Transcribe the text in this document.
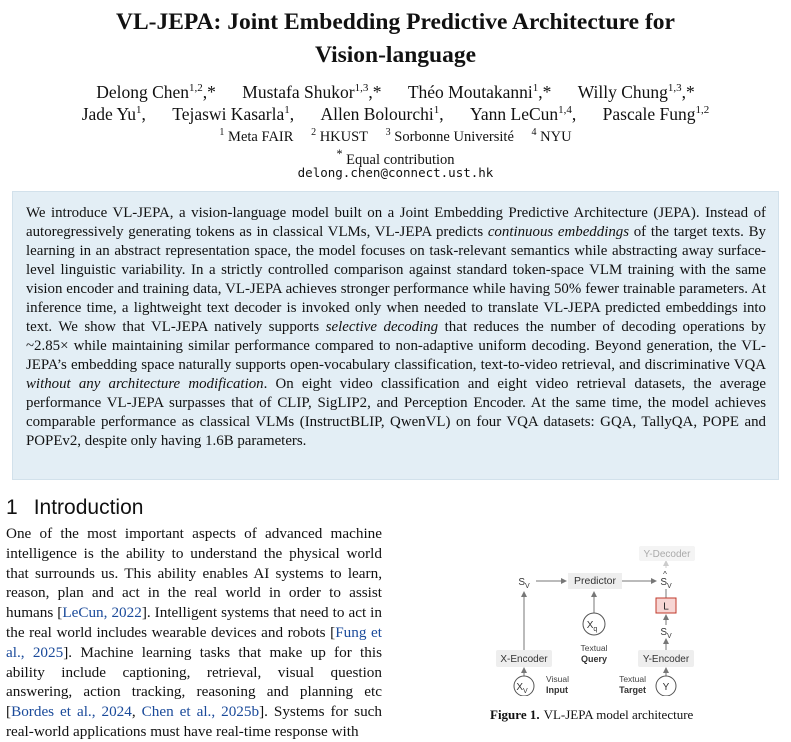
VL-JEPA: Joint Embedding Predictive Architecture for
Vision-language
Delong Chen$^{1,2}$,* Mustafa Shukor$^{1,3}$,* Théo Moutakanni$^1$,* Willy Chung$^{1,3}$,*
Jade Yu$^1$, Tejaswi Kasarla$^1$, Allen Bolourchi$^1$, Yann LeCun$^{1,4}$, Pascale Fung$^{1,2}$
$^1$ Meta FAIR $^2$ HKUST $^3$ Sorbonne Université $^4$ NYU
* Equal contribution
delong.chen@connect.ust.hk

We introduce VL-JEPA, a vision-language model built on a Joint Embedding Predictive Architecture (JEPA). Instead of autoregressively generating tokens as in classical VLMs, VL-JEPA predicts continuous embeddings of the target texts. By learning in an abstract representation space, the model focuses on task-relevant semantics while abstracting away surface-level linguistic variability. In a strictly controlled comparison against standard token-space VLM training with the same vision encoder and training data, VL-JEPA achieves stronger performance while having 50% fewer trainable parameters. At inference time, a lightweight text decoder is invoked only when needed to translate VL-JEPA predicted embeddings into text. We show that VL-JEPA natively supports selective decoding that reduces the number of decoding operations by ~2.85× while maintaining similar performance compared to non-adaptive uniform decoding. Beyond generation, the VL-JEPA’s embedding space naturally supports open-vocabulary classification, text-to-video retrieval, and discriminative VQA without any architecture modification. On eight video classification and eight video retrieval datasets, the average performance VL-JEPA surpasses that of CLIP, SigLIP2, and Perception Encoder. At the same time, the model achieves comparable performance as classical VLMs (InstructBLIP, QwenVL) on four VQA datasets: GQA, TallyQA, POPE and POPEv2, despite only having 1.6B parameters.

1 Introduction

One of the most important aspects of advanced machine intelligence is the ability to understand the physical world that surrounds us. This ability enables AI systems to learn, reason, plan and act in the real world in order to assist humans [LeCun, 2022]. Intelligent systems that need to act in the real world includes wearable devices and robots [Fung et al., 2025]. Machine learning tasks that make up for this ability include captioning, retrieval, visual question answering, action tracking, reasoning and planning etc [Bordes et al., 2024, Chen et al., 2025b]. Systems for such real-world applications must have real-time response with

Y-Decoder
$S_V$	Predictor	$S_V$
^
L
$S_V$
$X_q$
Textual
Query
X-Encoder	Y-Encoder
$X_V$
Visual
Input	Y
Textual
Target
Figure 1. VL-JEPA model architecture
